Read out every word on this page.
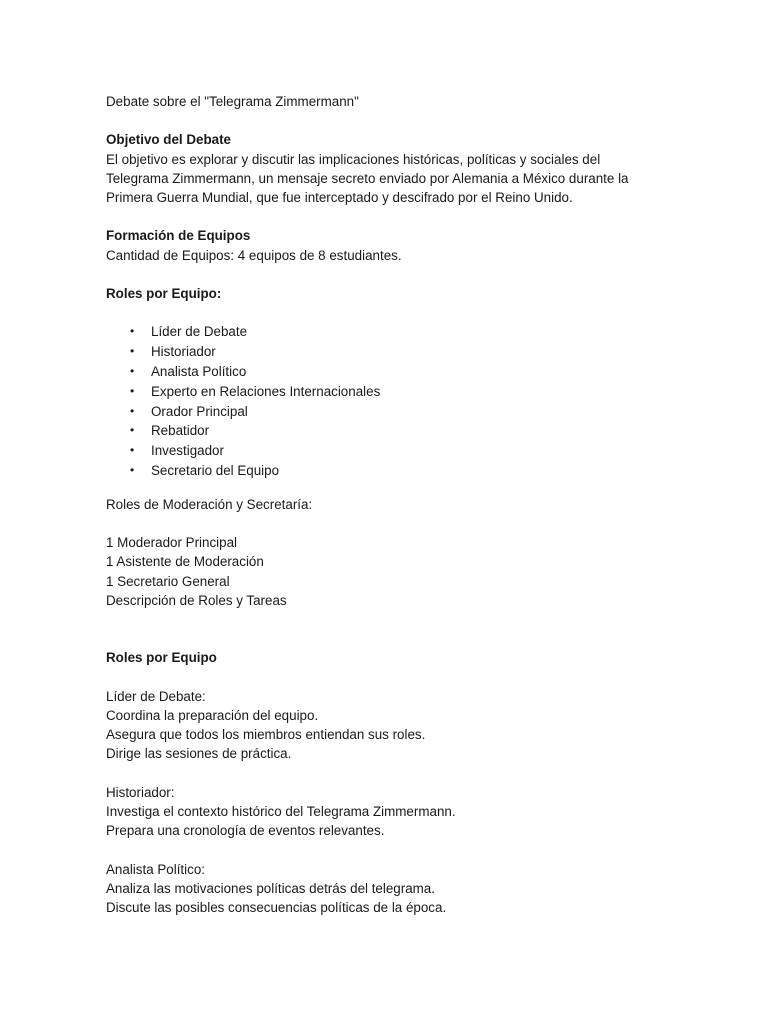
Debate sobre el "Telegrama Zimmermann"
Objetivo del Debate
El objetivo es explorar y discutir las implicaciones históricas, políticas y sociales del
Telegrama Zimmermann, un mensaje secreto enviado por Alemania a México durante la
Primera Guerra Mundial, que fue interceptado y descifrado por el Reino Unido.
Formación de Equipos
Cantidad de Equipos: 4 equipos de 8 estudiantes.
Roles por Equipo:
• Líder de Debate
• Historiador
• Analista Político
• Experto en Relaciones Internacionales
• Orador Principal
• Rebatidor
• Investigador
• Secretario del Equipo
Roles de Moderación y Secretaría:
1 Moderador Principal
1 Asistente de Moderación
1 Secretario General
Descripción de Roles y Tareas
Roles por Equipo
Líder de Debate:
Coordina la preparación del equipo.
Asegura que todos los miembros entiendan sus roles.
Dirige las sesiones de práctica.
Historiador:
Investiga el contexto histórico del Telegrama Zimmermann.
Prepara una cronología de eventos relevantes.
Analista Político:
Analiza las motivaciones políticas detrás del telegrama.
Discute las posibles consecuencias políticas de la época.
